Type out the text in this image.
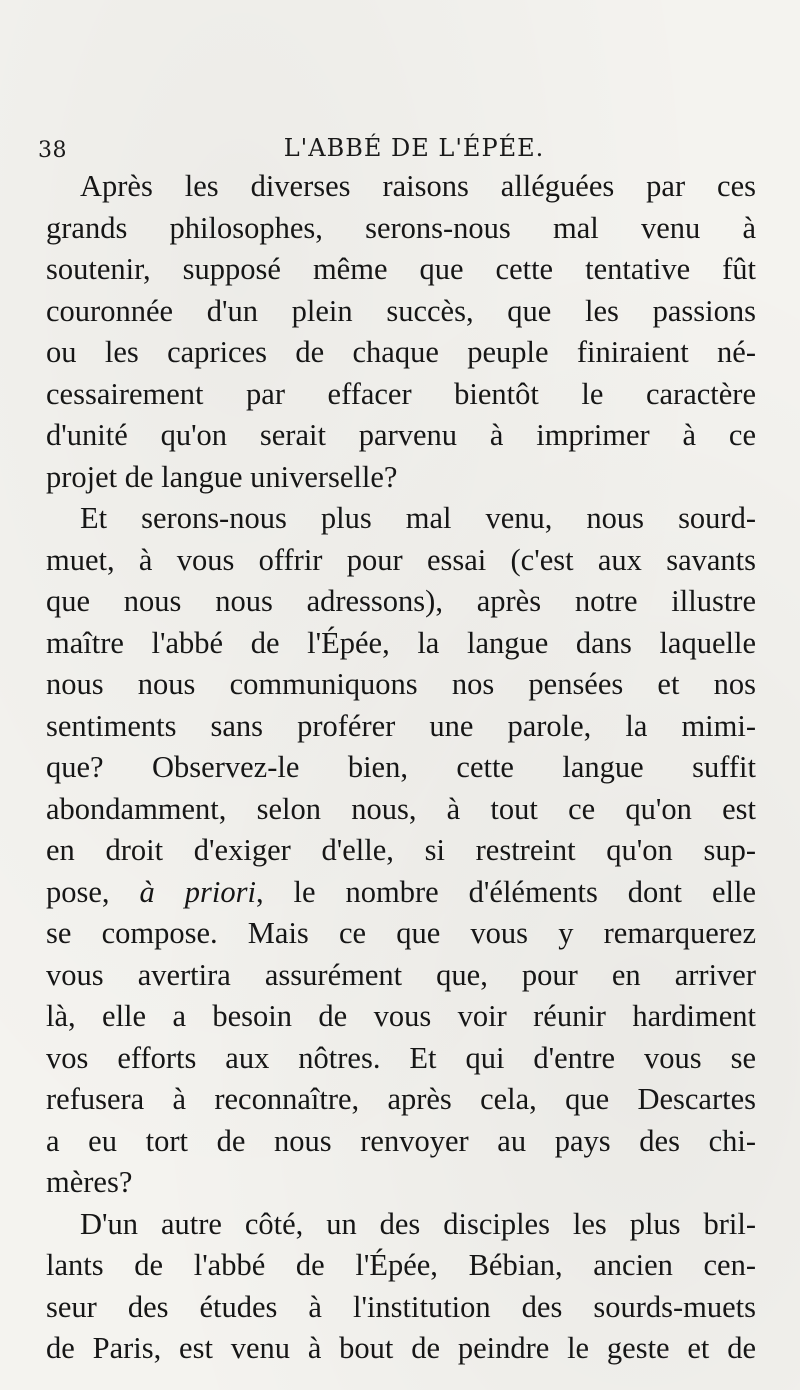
38	L'ABBÉ DE L'ÉPÉE.
Après les diverses raisons alléguées par ces
grands philosophes, serons-nous mal venu à
soutenir, supposé même que cette tentative fût
couronnée d'un plein succès, que les passions
ou les caprices de chaque peuple finiraient né-
cessairement par effacer bientôt le caractère
d'unité qu'on serait parvenu à imprimer à ce
projet de langue universelle?
Et serons-nous plus mal venu, nous sourd-
muet, à vous offrir pour essai (c'est aux savants
que nous nous adressons), après notre illustre
maître l'abbé de l'Épée, la langue dans laquelle
nous nous communiquons nos pensées et nos
sentiments sans proférer une parole, la mimi-
que? Observez-le bien, cette langue suffit
abondamment, selon nous, à tout ce qu'on est
en droit d'exiger d'elle, si restreint qu'on sup-
pose, à priori, le nombre d'éléments dont elle
se compose. Mais ce que vous y remarquerez
vous avertira assurément que, pour en arriver
là, elle a besoin de vous voir réunir hardiment
vos efforts aux nôtres. Et qui d'entre vous se
refusera à reconnaître, après cela, que Descartes
a eu tort de nous renvoyer au pays des chi-
mères?
D'un autre côté, un des disciples les plus bril-
lants de l'abbé de l'Épée, Bébian, ancien cen-
seur des études à l'institution des sourds-muets
de Paris, est venu à bout de peindre le geste et de
